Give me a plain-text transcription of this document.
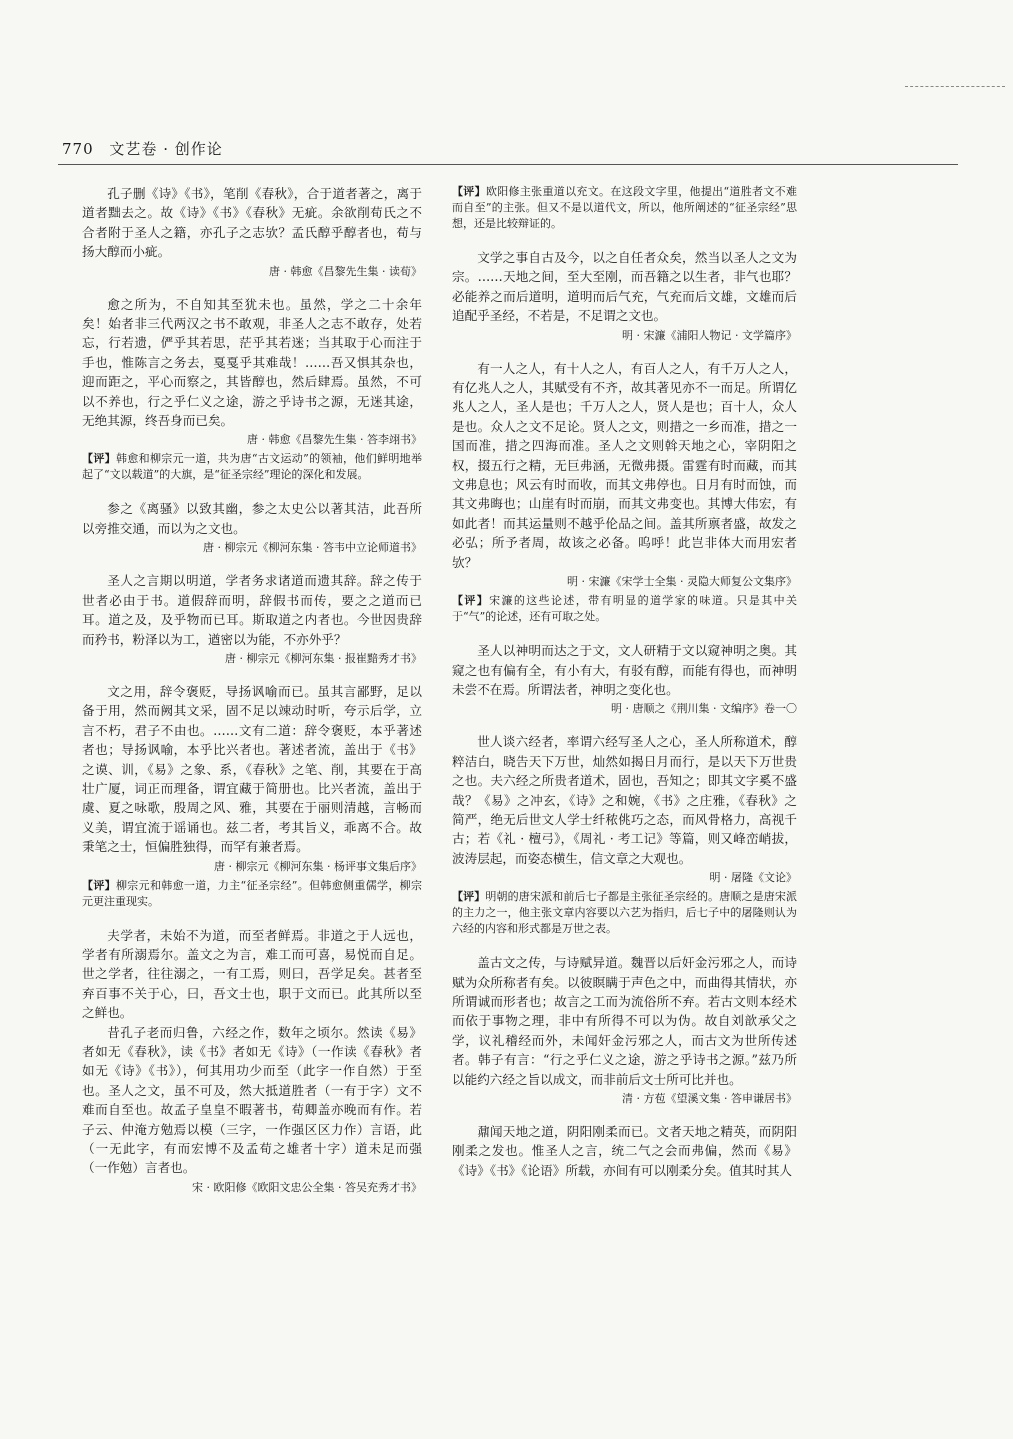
770 文艺卷 · 创作论

孔子删《诗》《书》，笔削《春秋》，合于道者著之，离于道者黜去之。故《诗》《书》《春秋》无疵。余欲削荀氏之不合者附于圣人之籍，亦孔子之志欤？孟氏醇乎醇者也，荀与扬大醇而小疵。

唐 · 韩愈《昌黎先生集 · 读荀》

愈之所为，不自知其至犹未也。虽然，学之二十余年矣！始者非三代两汉之书不敢观，非圣人之志不敢存，处若忘，行若遗，俨乎其若思，茫乎其若迷；当其取于心而注于手也，惟陈言之务去，戛戛乎其难哉！……吾又惧其杂也，迎而距之，平心而察之，其皆醇也，然后肆焉。虽然，不可以不养也，行之乎仁义之途，游之乎诗书之源，无迷其途，无绝其源，终吾身而已矣。

唐 · 韩愈《昌黎先生集 · 答李翊书》
【评】韩愈和柳宗元一道，共为唐“古文运动”的领袖，他们鲜明地举起了“文以载道”的大旗，是“征圣宗经”理论的深化和发展。

参之《离骚》以致其幽，参之太史公以著其洁，此吾所以旁推交通，而以为之文也。

唐 · 柳宗元《柳河东集 · 答韦中立论师道书》

圣人之言期以明道，学者务求诸道而遗其辞。辞之传于世者必由于书。道假辞而明，辞假书而传，要之之道而已耳。道之及，及乎物而已耳。斯取道之内者也。今世因贵辞而矜书，粉泽以为工，遒密以为能，不亦外乎？

唐 · 柳宗元《柳河东集 · 报崔黯秀才书》

文之用，辞令褒贬，导扬讽喻而已。虽其言鄙野，足以备于用，然而阙其文采，固不足以竦动时听，夸示后学，立言不朽，君子不由也。……文有二道：辞令褒贬，本乎著述者也；导扬讽喻，本乎比兴者也。著述者流，盖出于《书》之谟、训，《易》之象、系，《春秋》之笔、削，其要在于高壮广厦，词正而理备，谓宜藏于简册也。比兴者流，盖出于虞、夏之咏歌，殷周之风、雅，其要在于丽则清越，言畅而义美，谓宜流于谣诵也。兹二者，考其旨义，乖离不合。故秉笔之士，恒偏胜独得，而罕有兼者焉。

唐 · 柳宗元《柳河东集 · 杨评事文集后序》
【评】柳宗元和韩愈一道，力主“征圣宗经”。但韩愈侧重儒学，柳宗元更注重现实。

夫学者，未始不为道，而至者鲜焉。非道之于人远也，学者有所溺焉尔。盖文之为言，难工而可喜，易悦而自足。世之学者，往往溺之，一有工焉，则曰，吾学足矣。甚者至弃百事不关于心，曰，吾文士也，职于文而已。此其所以至之鲜也。

昔孔子老而归鲁，六经之作，数年之顷尔。然读《易》者如无《春秋》，读《书》者如无《诗》（一作读《春秋》者如无《诗》《书》），何其用功少而至（此字一作自然）于至也。圣人之文，虽不可及，然大抵道胜者（一有于字）文不难而自至也。故孟子皇皇不暇著书，荀卿盖亦晚而有作。若子云、仲淹方勉焉以模（三字，一作强区区力作）言语，此（一无此字，有而宏博不及孟荀之雄者十字）道未足而强（一作勉）言者也。

宋 · 欧阳修《欧阳文忠公全集 · 答吴充秀才书》
【评】欧阳修主张重道以充文。在这段文字里，他提出“道胜者文不难而自至”的主张。但又不是以道代文，所以，他所阐述的“征圣宗经”思想，还是比较辩证的。

文学之事自古及今，以之自任者众矣，然当以圣人之文为宗。……天地之间，至大至刚，而吾籍之以生者，非气也耶？必能养之而后道明，道明而后气充，气充而后文雄，文雄而后追配乎圣经，不若是，不足谓之文也。

明 · 宋濂《浦阳人物记 · 文学篇序》

有一人之人，有十人之人，有百人之人，有千万人之人，有亿兆人之人，其赋受有不齐，故其著见亦不一而足。所谓亿兆人之人，圣人是也；千万人之人，贤人是也；百十人，众人是也。众人之文不足论。贤人之文，则措之一乡而准，措之一国而准，措之四海而准。圣人之文则斡天地之心，宰阴阳之权，掇五行之精，无巨弗涵，无微弗摄。雷霆有时而藏，而其文弗息也；风云有时而收，而其文弗停也。日月有时而蚀，而其文弗晦也；山崖有时而崩，而其文弗变也。其博大伟宏，有如此者！而其运量则不越乎伦品之间。盖其所禀者盛，故发之必弘；所予者周，故该之必备。呜呼！此岂非体大而用宏者欤？

明 · 宋濂《宋学士全集 · 灵隐大师复公文集序》
【评】宋濂的这些论述，带有明显的道学家的味道。只是其中关于“气”的论述，还有可取之处。

圣人以神明而达之于文，文人研精于文以窥神明之奥。其窥之也有偏有全，有小有大，有驳有醇，而能有得也，而神明未尝不在焉。所谓法者，神明之变化也。

明 · 唐顺之《荆川集 · 文编序》卷一〇

世人谈六经者，率谓六经写圣人之心，圣人所称道术，醇粹洁白，晓告天下万世，灿然如揭日月而行，是以天下万世贵之也。夫六经之所贵者道术，固也，吾知之；即其文字奚不盛哉？《易》之冲玄，《诗》之和婉，《书》之庄雅，《春秋》之简严，绝无后世文人学士纤秾佻巧之态，而风骨格力，高视千古；若《礼 · 檀弓》，《周礼 · 考工记》等篇，则又峰峦峭拔，波涛层起，而姿态横生，信文章之大观也。

明 · 屠隆《文论》
【评】明朝的唐宋派和前后七子都是主张征圣宗经的。唐顺之是唐宋派的主力之一，他主张文章内容要以六艺为指归，后七子中的屠隆则认为六经的内容和形式都是万世之表。

盖古文之传，与诗赋异道。魏晋以后奸金污邪之人，而诗赋为众所称者有矣。以彼瞑瞒于声色之中，而曲得其情状，亦所谓诚而形者也；故言之工而为流俗所不弃。若古文则本经术而依于事物之理，非中有所得不可以为伪。故自刘歆承父之学，议礼稽经而外，未闻奸金污邪之人，而古文为世所传述者。韩子有言：“行之乎仁义之途，游之乎诗书之源。”兹乃所以能约六经之旨以成文，而非前后文士所可比并也。

清 · 方苞《望溪文集 · 答申谦居书》

鼐闻天地之道，阴阳刚柔而已。文者天地之精英，而阴阳刚柔之发也。惟圣人之言，统二气之会而弗偏，然而《易》《诗》《书》《论语》所载，亦间有可以刚柔分矣。值其时其人
